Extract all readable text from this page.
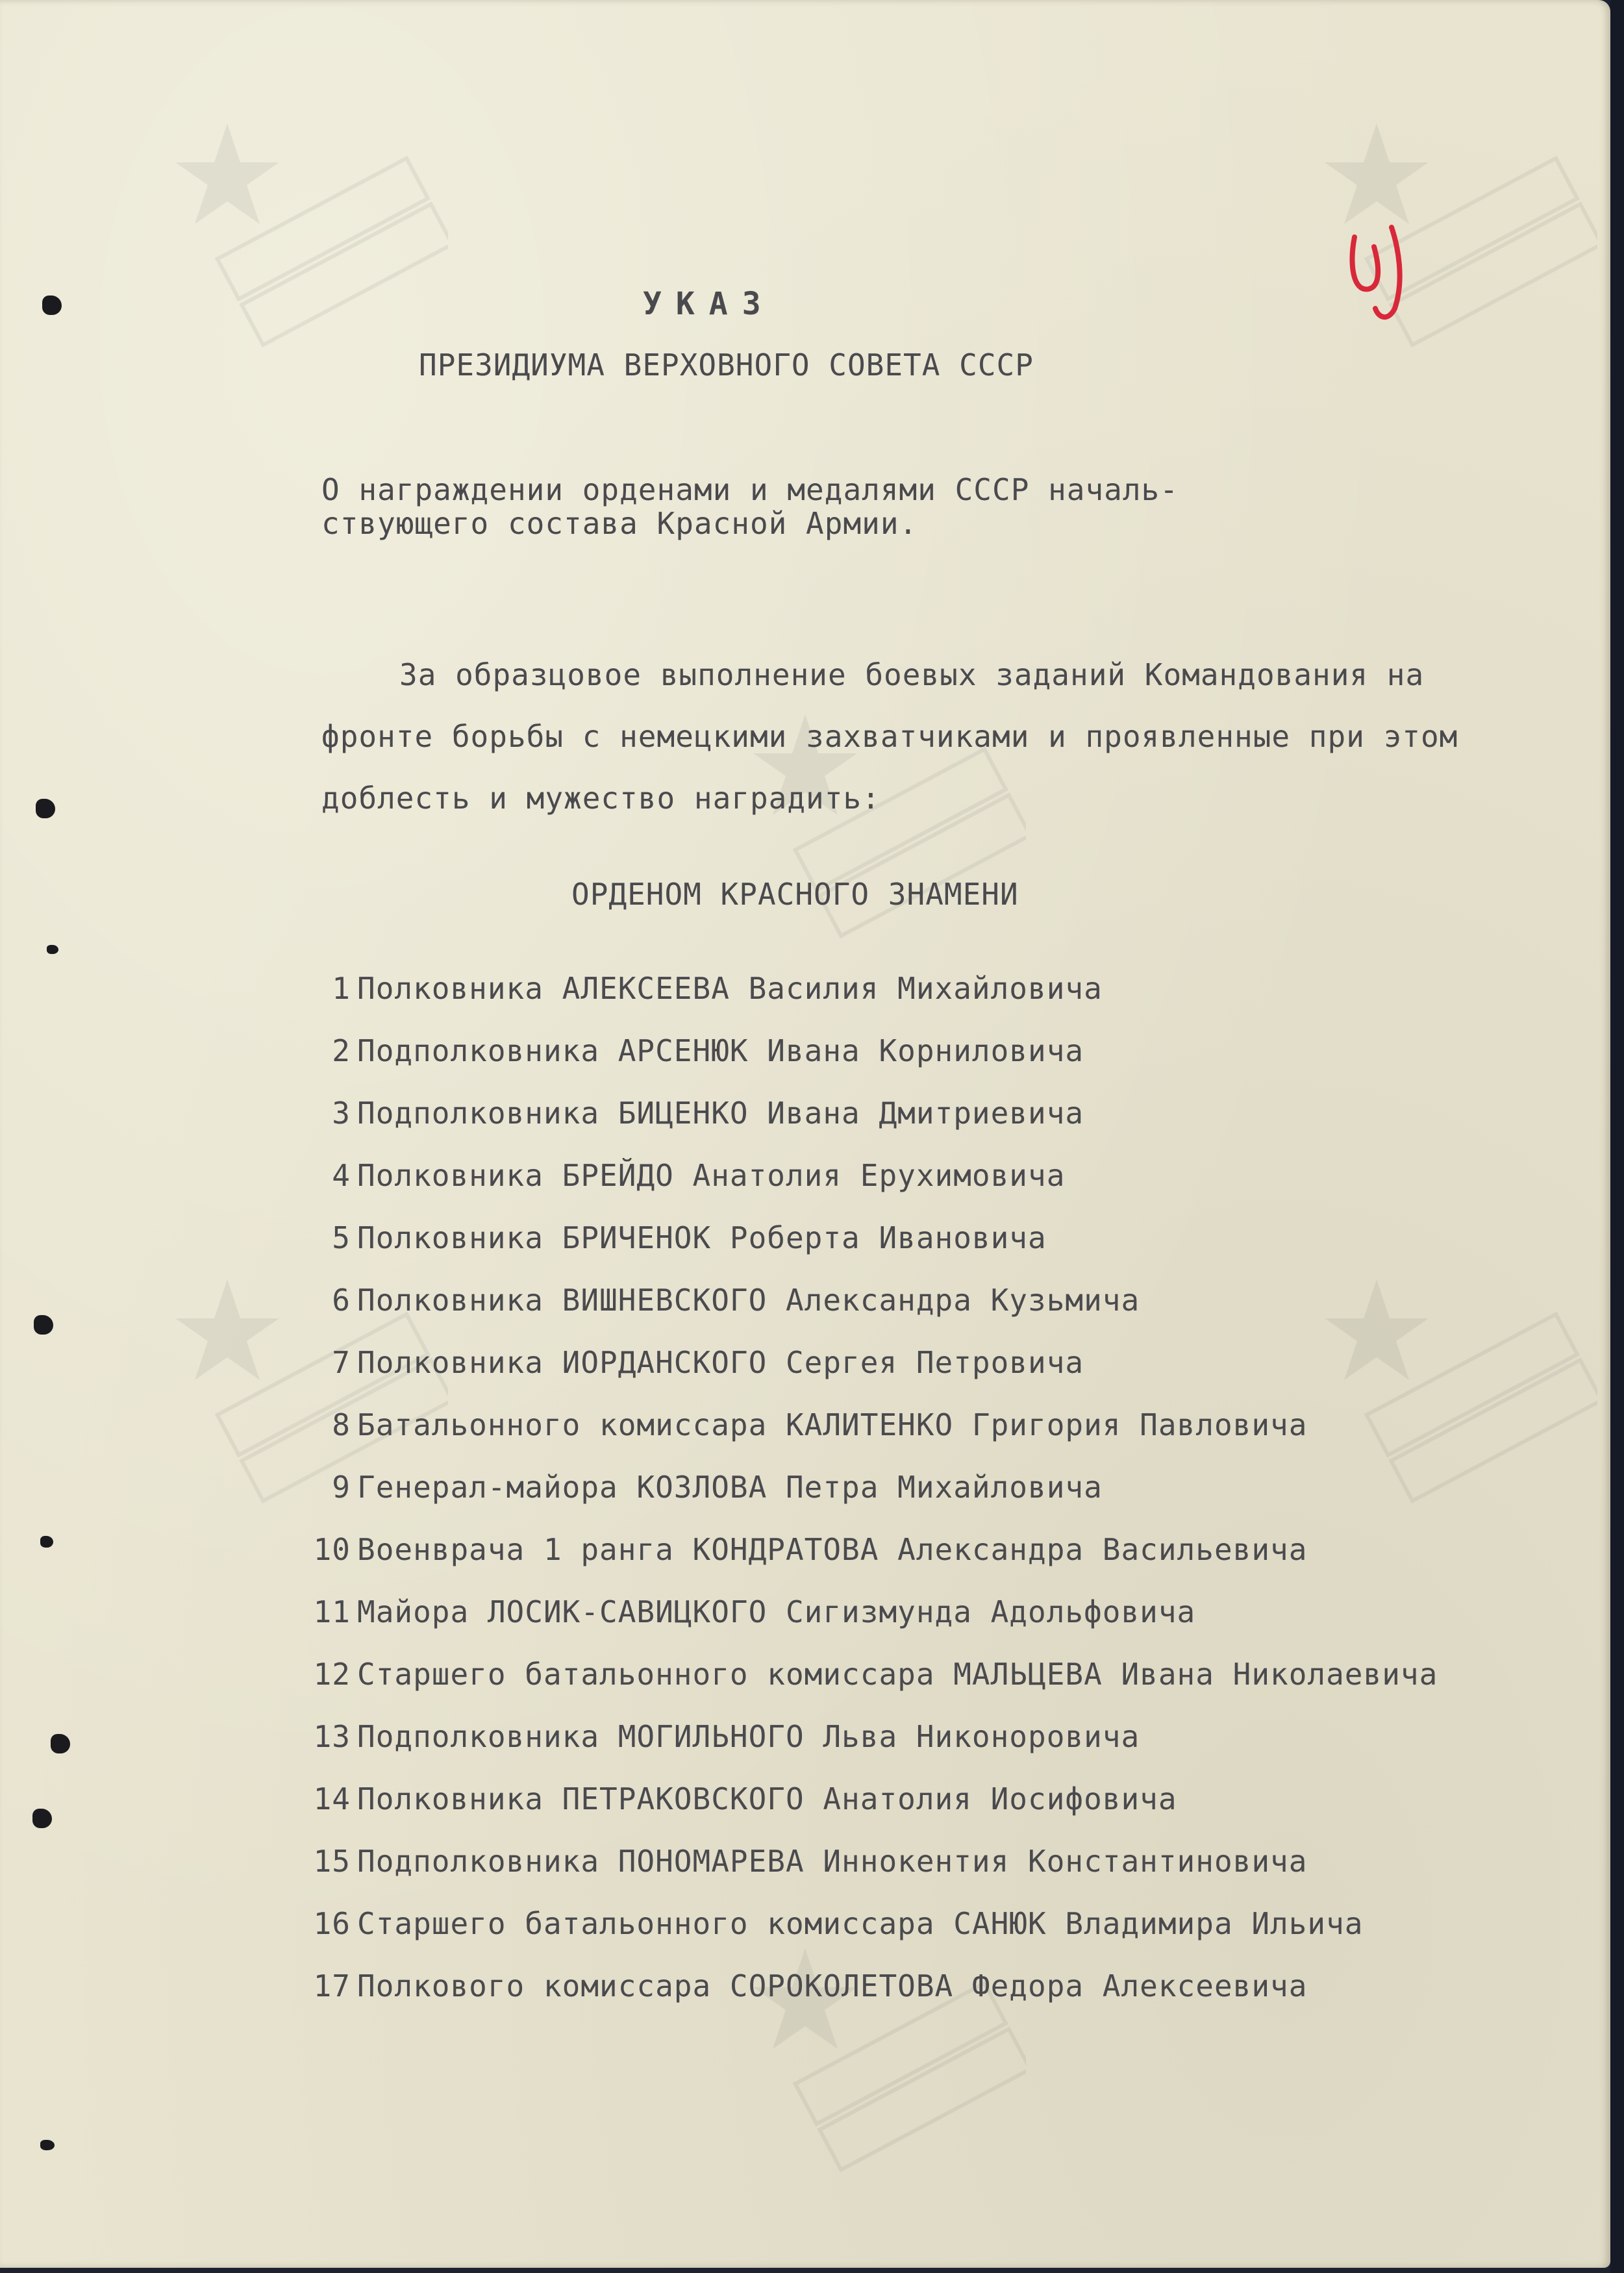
УКАЗ
ПРЕЗИДИУМА ВЕРХОВНОГО СОВЕТА СССР
О награждении орденами и медалями СССР началь-
ствующего состава Красной Армии.
За образцовое выполнение боевых заданий Командования на
фронте борьбы с немецкими захватчиками и проявленные при этом
доблесть и мужество наградить:
ОРДЕНОМ КРАСНОГО ЗНАМЕНИ
1 Полковника АЛЕКСЕЕВА Василия Михайловича
2 Подполковника АРСЕНЮК Ивана Корниловича
3 Подполковника БИЦЕНКО Ивана Дмитриевича
4 Полковника БРЕЙДО Анатолия Ерухимовича
5 Полковника БРИЧЕНОК Роберта Ивановича
6 Полковника ВИШНЕВСКОГО Александра Кузьмича
7 Полковника ИОРДАНСКОГО Сергея Петровича
8 Батальонного комиссара КАЛИТЕНКО Григория Павловича
9 Генерал-майора КОЗЛОВА Петра Михайловича
10 Военврача 1 ранга КОНДРАТОВА Александра Васильевича
11 Майора ЛОСИК-САВИЦКОГО Сигизмунда Адольфовича
12 Старшего батальонного комиссара МАЛЬЦЕВА Ивана Николаевича
13 Подполковника МОГИЛЬНОГО Льва Никоноровича
14 Полковника ПЕТРАКОВСКОГО Анатолия Иосифовича
15 Подполковника ПОНОМАРЕВА Иннокентия Константиновича
16 Старшего батальонного комиссара САНЮК Владимира Ильича
17 Полкового комиссара СОРОКОЛЕТОВА Федора Алексеевича
